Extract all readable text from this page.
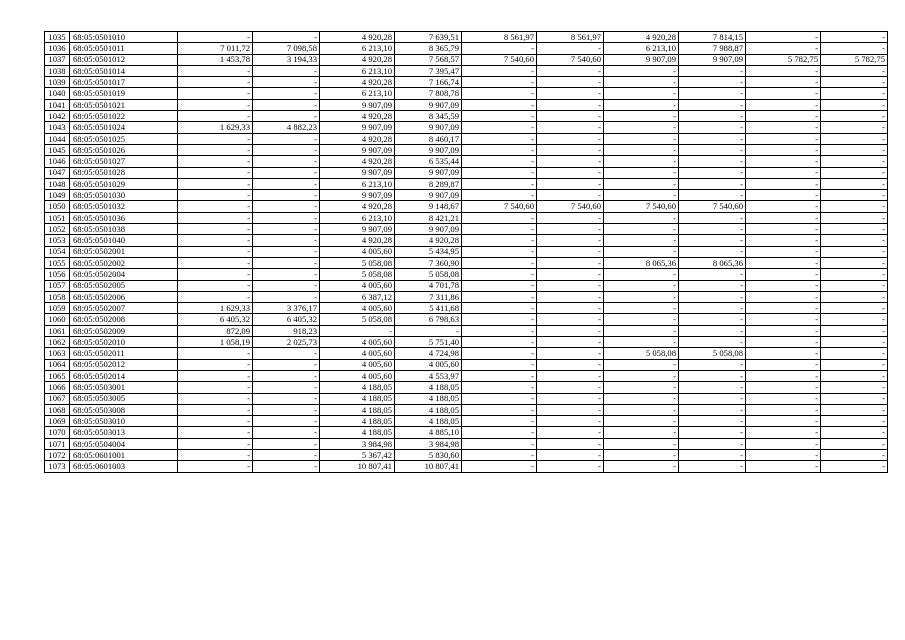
1035	68:05:0501010	-	-	4 920,28	7 639,51	8 561,97	8 561,97	4 920,28	7 814,15	-	-
1036	68:05:0501011	7 011,72	7 098,58	6 213,10	8 365,79	-	-	6 213,10	7 988,87	-	-
1037	68:05:0501012	1 453,78	3 194,33	4 920,28	7 568,57	7 540,60	7 540,60	9 907,09	9 907,09	5 782,75	5 782,75
1038	68:05:0501014	-	-	6 213,10	7 395,47	-	-	-	-	-	-
1039	68:05:0501017	-	-	4 920,28	7 166,74	-	-	-	-	-	-
1040	68:05:0501019	-	-	6 213,10	7 808,78	-	-	-	-	-	-
1041	68:05:0501021	-	-	9 907,09	9 907,09	-	-	-	-	-	-
1042	68:05:0501022	-	-	4 920,28	8 345,59	-	-	-	-	-	-
1043	68:05:0501024	1 629,33	4 882,23	9 907,09	9 907,09	-	-	-	-	-	-
1044	68:05:0501025	-	-	4 920,28	8 460,17	-	-	-	-	-	-
1045	68:05:0501026	-	-	9 907,09	9 907,09	-	-	-	-	-	-
1046	68:05:0501027	-	-	4 920,28	6 535,44	-	-	-	-	-	-
1047	68:05:0501028	-	-	9 907,09	9 907,09	-	-	-	-	-	-
1048	68:05:0501029	-	-	6 213,10	8 289,87	-	-	-	-	-	-
1049	68:05:0501030	-	-	9 907,09	9 907,09	-	-	-	-	-	-
1050	68:05:0501032	-	-	4 920,28	9 148,67	7 540,60	7 540,60	7 540,60	7 540,60	-	-
1051	68:05:0501036	-	-	6 213,10	8 421,21	-	-	-	-	-	-
1052	68:05:0501038	-	-	9 907,09	9 907,09	-	-	-	-	-	-
1053	68:05:0501040	-	-	4 920,28	4 920,28	-	-	-	-	-	-
1054	68:05:0502001	-	-	4 005,60	5 434,95	-	-	-	-	-	-
1055	68:05:0502002	-	-	5 058,08	7 360,90	-	-	8 065,36	8 065,36	-	-
1056	68:05:0502004	-	-	5 058,08	5 058,08	-	-	-	-	-	-
1057	68:05:0502005	-	-	4 005,60	4 701,78	-	-	-	-	-	-
1058	68:05:0502006	-	-	6 387,12	7 311,86	-	-	-	-	-	-
1059	68:05:0502007	1 629,33	3 376,17	4 005,60	5 411,68	-	-	-	-	-	-
1060	68:05:0502008	6 405,32	6 405,32	5 058,08	6 798,63	-	-	-	-	-	-
1061	68:05:0502009	872,09	918,23	-	-	-	-	-	-	-	-
1062	68:05:0502010	1 058,19	2 025,73	4 005,60	5 751,40	-	-	-	-	-	-
1063	68:05:0502011	-	-	4 005,60	4 724,98	-	-	5 058,08	5 058,08	-	-
1064	68:05:0502012	-	-	4 005,60	4 005,60	-	-	-	-	-	-
1065	68:05:0502014	-	-	4 005,60	4 553,97	-	-	-	-	-	-
1066	68:05:0503001	-	-	4 188,05	4 188,05	-	-	-	-	-	-
1067	68:05:0503005	-	-	4 188,05	4 188,05	-	-	-	-	-	-
1068	68:05:0503008	-	-	4 188,05	4 188,05	-	-	-	-	-	-
1069	68:05:0503010	-	-	4 188,05	4 188,05	-	-	-	-	-	-
1070	68:05:0503013	-	-	4 188,05	4 885,10	-	-	-	-	-	-
1071	68:05:0504004	-	-	3 984,98	3 984,98	-	-	-	-	-	-
1072	68:05:0601001	-	-	5 367,42	5 830,60	-	-	-	-	-	-
1073	68:05:0601003	-	-	10 807,41	10 807,41	-	-	-	-	-	-
